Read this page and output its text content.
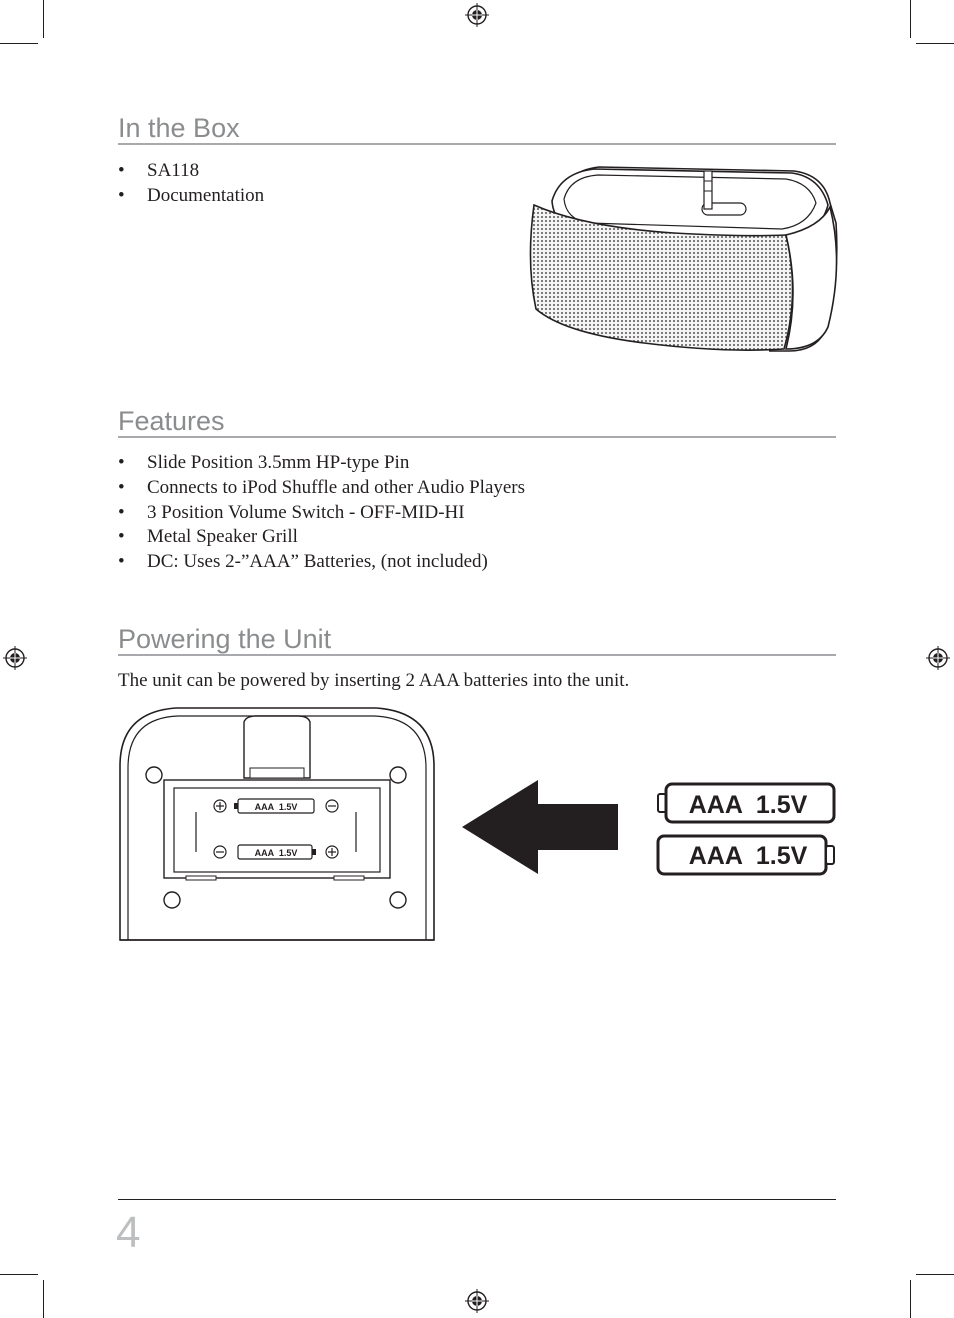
In the Box
• SA118
• Documentation
Features
• Slide Position 3.5mm HP-type Pin
• Connects to iPod Shuffle and other Audio Players
• 3 Position Volume Switch - OFF-MID-HI
• Metal Speaker Grill
• DC: Uses 2-”AAA” Batteries, (not included)
Powering the Unit
The unit can be powered by inserting 2 AAA batteries into the unit.
AAA  1.5V
AAA  1.5V
AAA  1.5V
AAA  1.5V
4
